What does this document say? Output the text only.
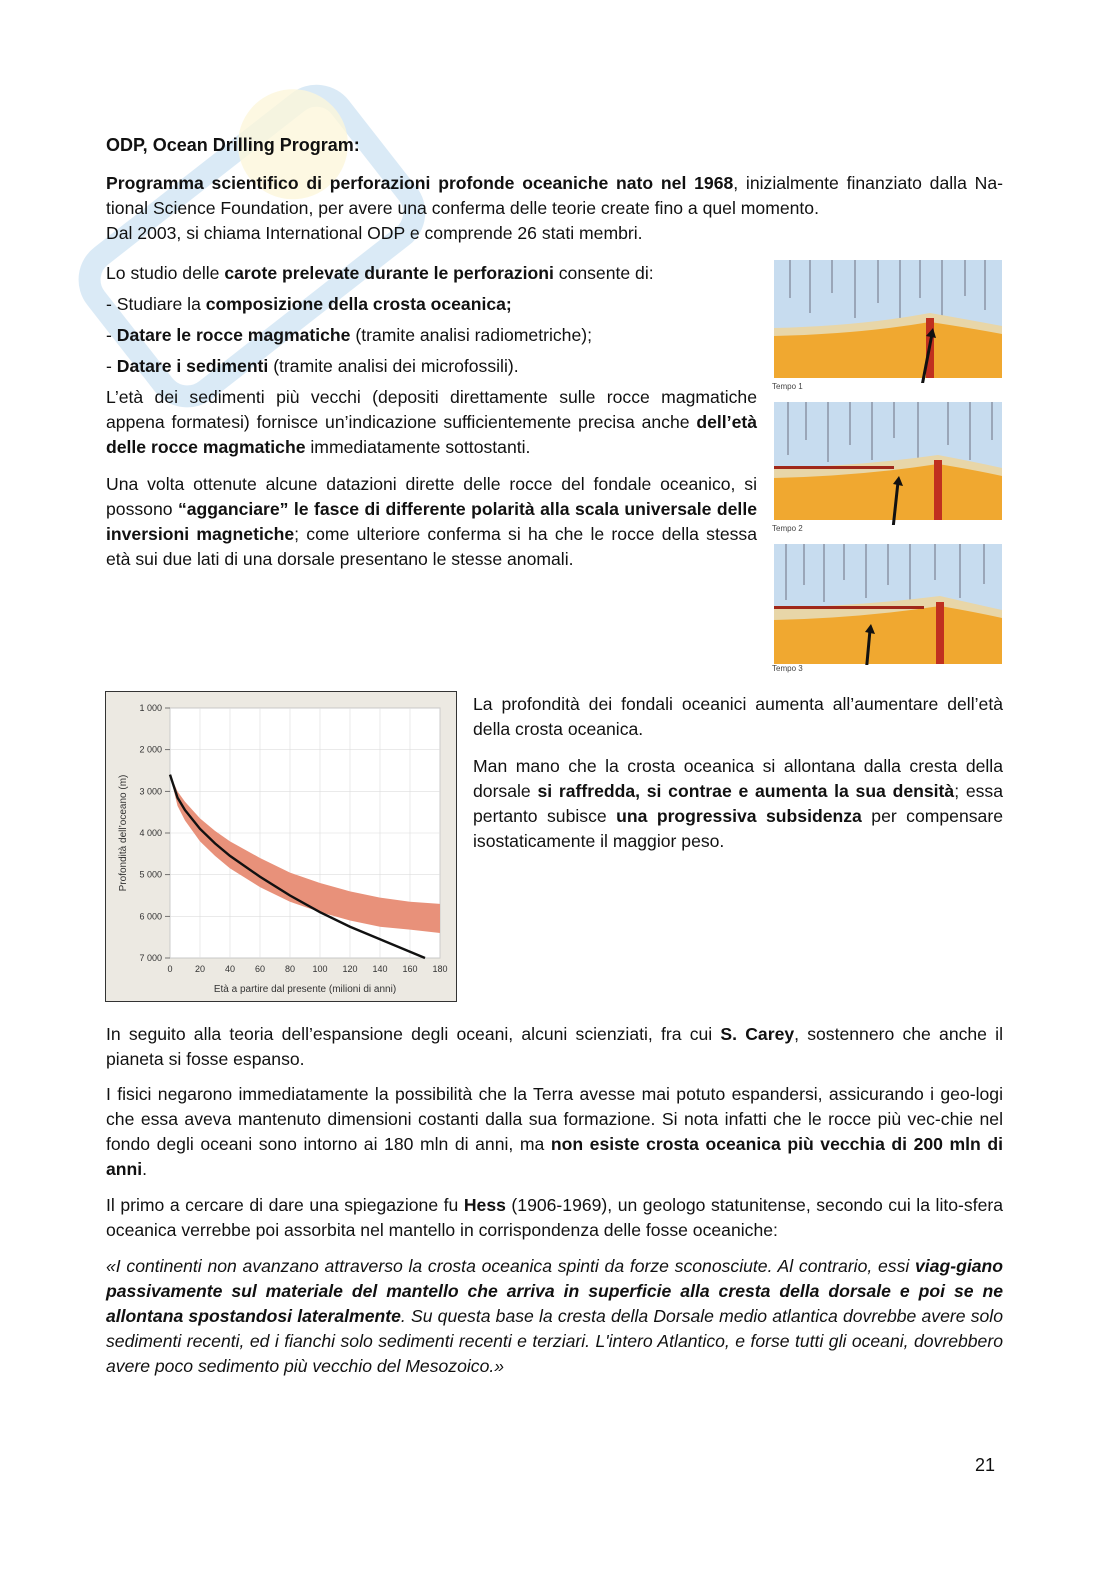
ODP, Ocean Drilling Program:
Programma scientifico di perforazioni profonde oceaniche nato nel 1968, inizialmente finanziato dalla Na-
tional Science Foundation, per avere una conferma delle teorie create fino a quel momento.
Dal 2003, si chiama International ODP e comprende 26 stati membri.
Lo studio delle carote prelevate durante le perforazioni consente di:
- Studiare la composizione della crosta oceanica;
- Datare le rocce magmatiche (tramite analisi radiometriche);
- Datare i sedimenti (tramite analisi dei microfossili).
L’età dei sedimenti più vecchi (depositi direttamente sulle rocce magmatiche appena formatesi) fornisce un’indicazione sufficientemente precisa anche dell’età delle rocce magmatiche immediatamente sottostanti.
Una volta ottenute alcune datazioni dirette delle rocce del fondale oceanico, si possono “agganciare” le fasce di differente polarità alla scala universale delle inversioni magnetiche; come ulteriore conferma si ha che le rocce della stessa età sui due lati di una dorsale presentano le stesse anomali.
Tempo 1
Tempo 2
Tempo 3
1 000
2 000
3 000
4 000
5 000
6 000
7 000
0 20 40 60 80 100 120 140 160 180
Profondità dell’oceano (m)
Età a partire dal presente (milioni di anni)
La profondità dei fondali oceanici aumenta all’aumentare dell’età della crosta oceanica.
Man mano che la crosta oceanica si allontana dalla cresta della dorsale si raffredda, si contrae e aumenta la sua densità; essa pertanto subisce una progressiva subsidenza per compensare isostaticamente il maggior peso.
In seguito alla teoria dell’espansione degli oceani, alcuni scienziati, fra cui S. Carey, sostennero che anche il pianeta si fosse espanso.
I fisici negarono immediatamente la possibilità che la Terra avesse mai potuto espandersi, assicurando i geo-logi che essa aveva mantenuto dimensioni costanti dalla sua formazione. Si nota infatti che le rocce più vec-chie nel fondo degli oceani sono intorno ai 180 mln di anni, ma non esiste crosta oceanica più vecchia di 200 mln di anni.
Il primo a cercare di dare una spiegazione fu Hess (1906-1969), un geologo statunitense, secondo cui la lito-sfera oceanica verrebbe poi assorbita nel mantello in corrispondenza delle fosse oceaniche:
«I continenti non avanzano attraverso la crosta oceanica spinti da forze sconosciute. Al contrario, essi viag-giano passivamente sul materiale del mantello che arriva in superficie alla cresta della dorsale e poi se ne allontana spostandosi lateralmente. Su questa base la cresta della Dorsale medio atlantica dovrebbe avere solo sedimenti recenti, ed i fianchi solo sedimenti recenti e terziari. L'intero Atlantico, e forse tutti gli oceani, dovrebbero avere poco sedimento più vecchio del Mesozoico.»
21
